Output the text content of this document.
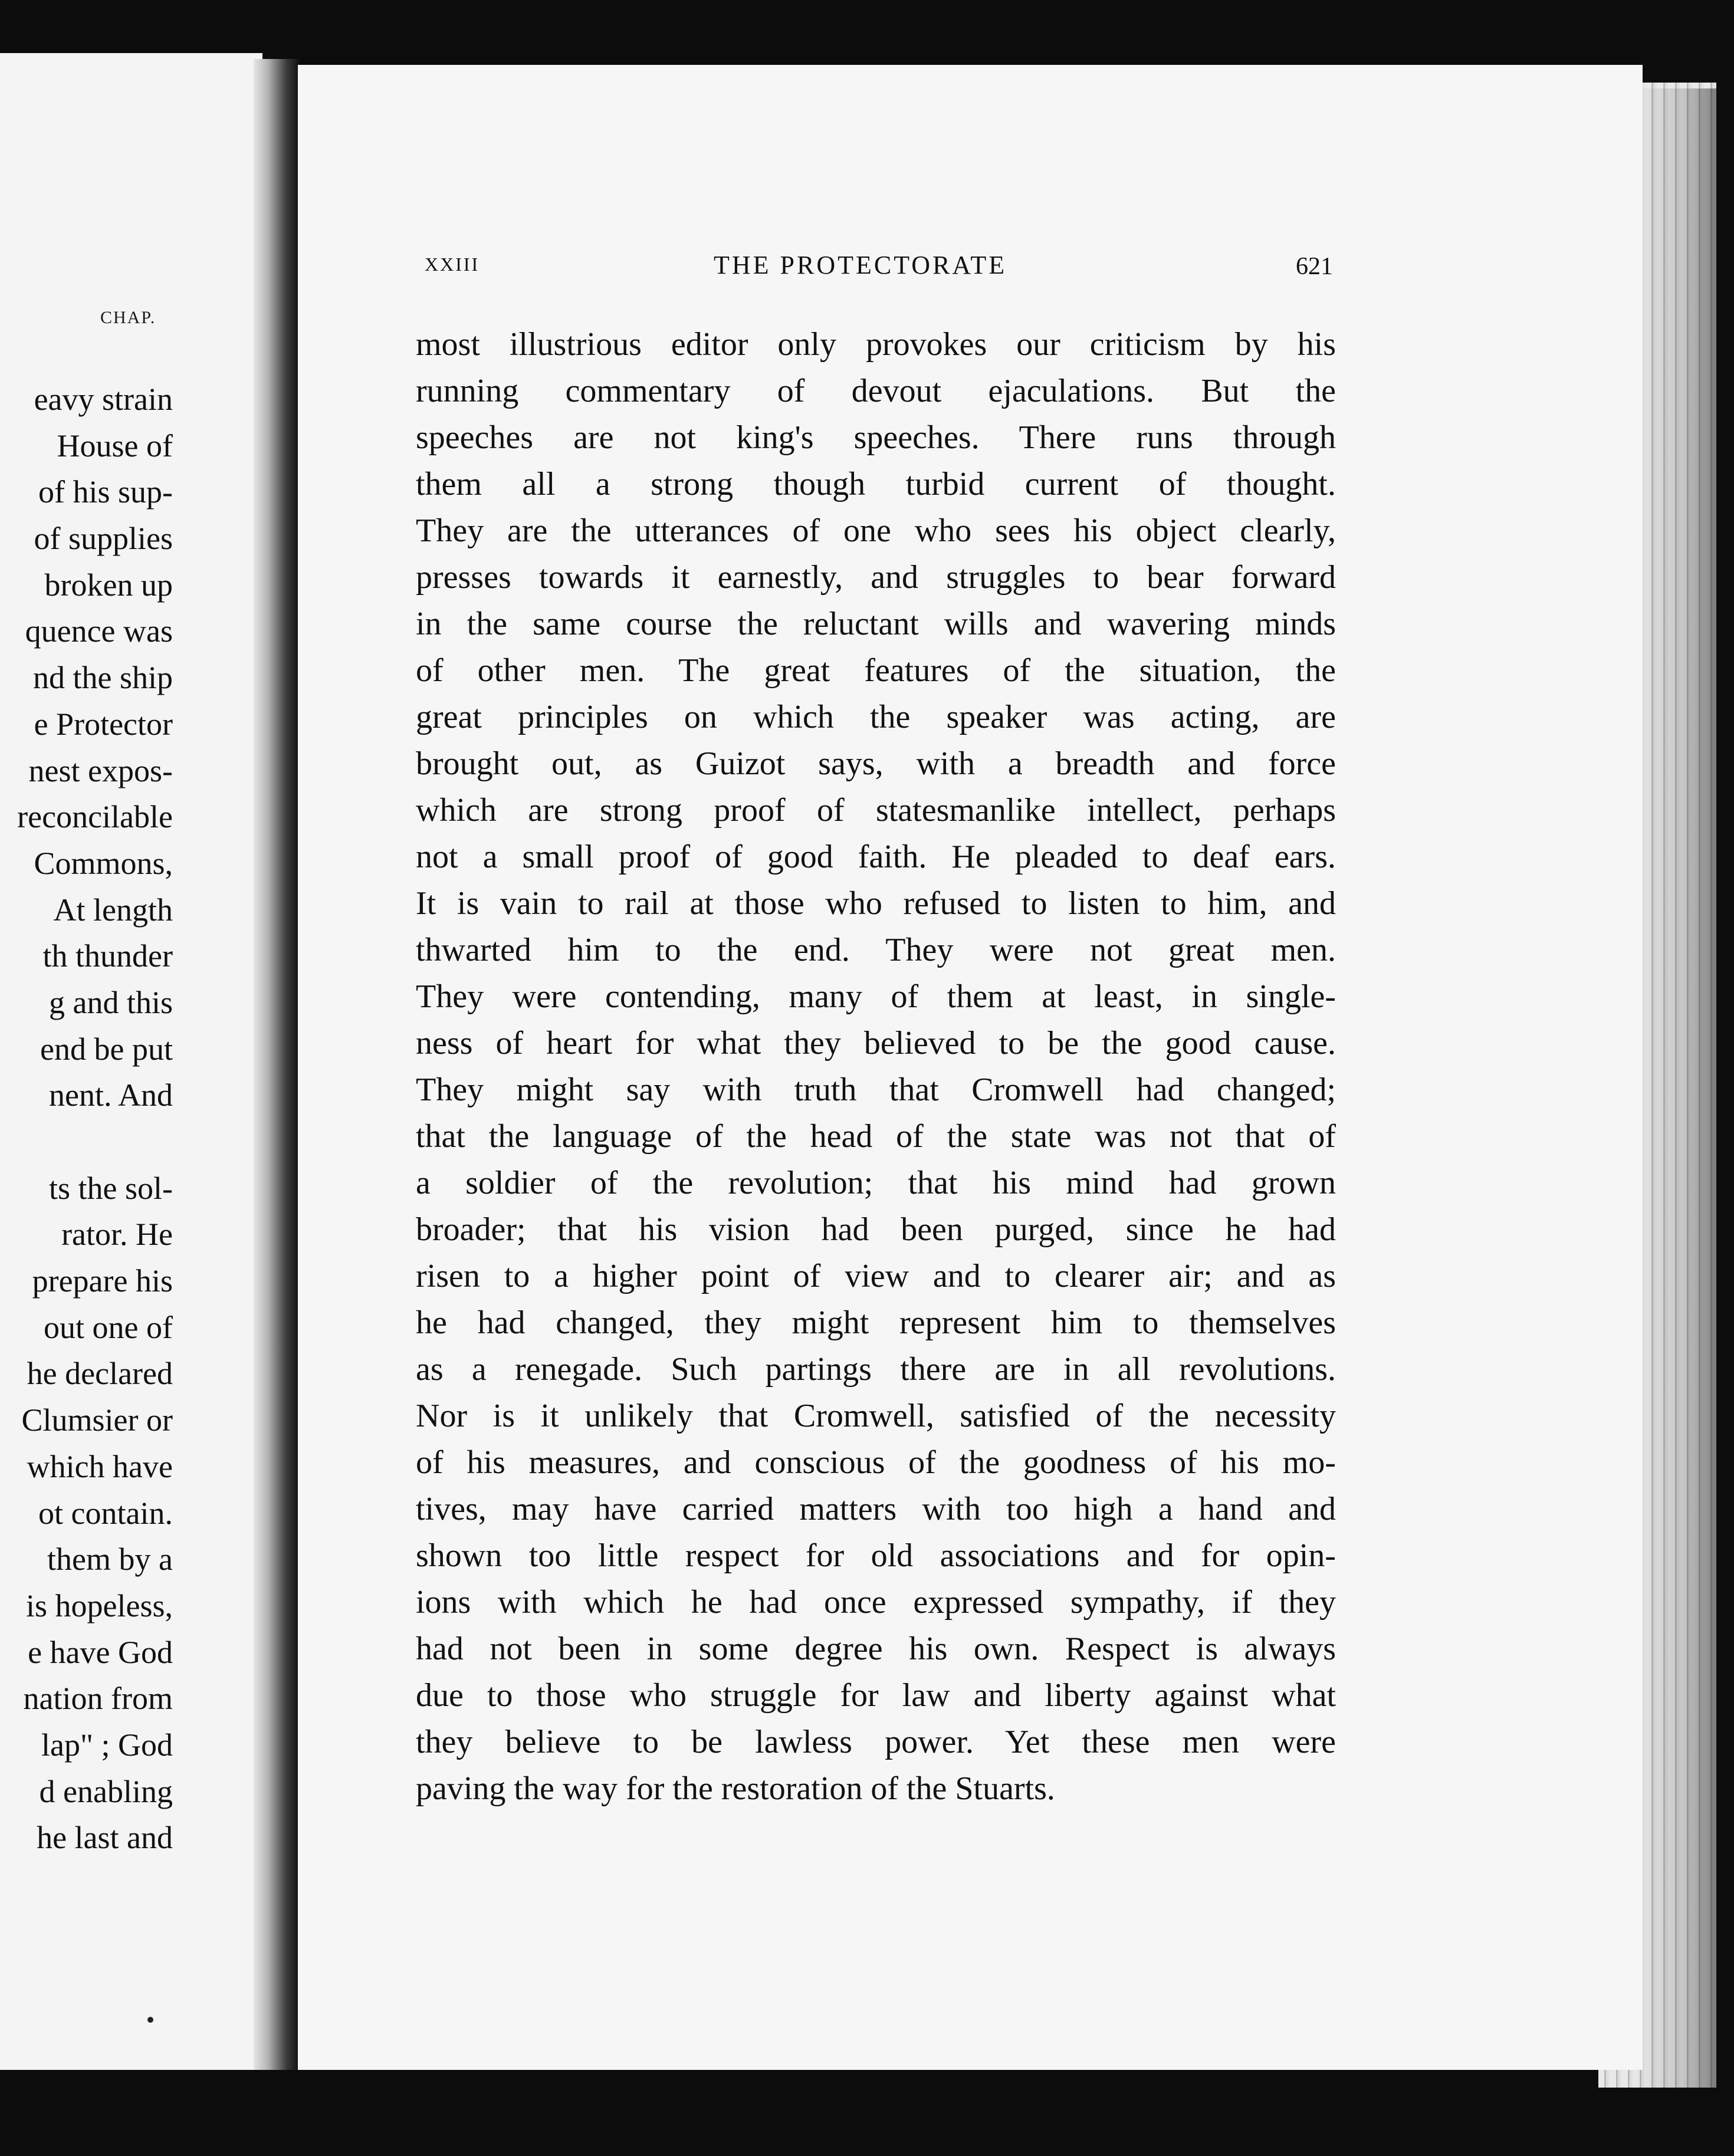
CHAP.
eavy strain
House of
of his sup-
of supplies
broken up
quence was
nd the ship
e Protector
nest expos-
reconcilable
Commons,
At length
th thunder
g and this
end be put
nent. And
ts the sol-
rator. He
prepare his
out one of
he declared
Clumsier or
which have
ot contain.
them by a
is hopeless,
e have God
nation from
lap" ; God
d enabling
he last and
XXIII	THE PROTECTORATE	621
most illustrious editor only provokes our criticism by his
running commentary of devout ejaculations. But the
speeches are not king's speeches. There runs through
them all a strong though turbid current of thought.
They are the utterances of one who sees his object clearly,
presses towards it earnestly, and struggles to bear forward
in the same course the reluctant wills and wavering minds
of other men. The great features of the situation, the
great principles on which the speaker was acting, are
brought out, as Guizot says, with a breadth and force
which are strong proof of statesmanlike intellect, perhaps
not a small proof of good faith. He pleaded to deaf ears.
It is vain to rail at those who refused to listen to him, and
thwarted him to the end. They were not great men.
They were contending, many of them at least, in single-
ness of heart for what they believed to be the good cause.
They might say with truth that Cromwell had changed;
that the language of the head of the state was not that of
a soldier of the revolution; that his mind had grown
broader; that his vision had been purged, since he had
risen to a higher point of view and to clearer air; and as
he had changed, they might represent him to themselves
as a renegade. Such partings there are in all revolutions.
Nor is it unlikely that Cromwell, satisfied of the necessity
of his measures, and conscious of the goodness of his mo-
tives, may have carried matters with too high a hand and
shown too little respect for old associations and for opin-
ions with which he had once expressed sympathy, if they
had not been in some degree his own. Respect is always
due to those who struggle for law and liberty against what
they believe to be lawless power. Yet these men were
paving the way for the restoration of the Stuarts.
